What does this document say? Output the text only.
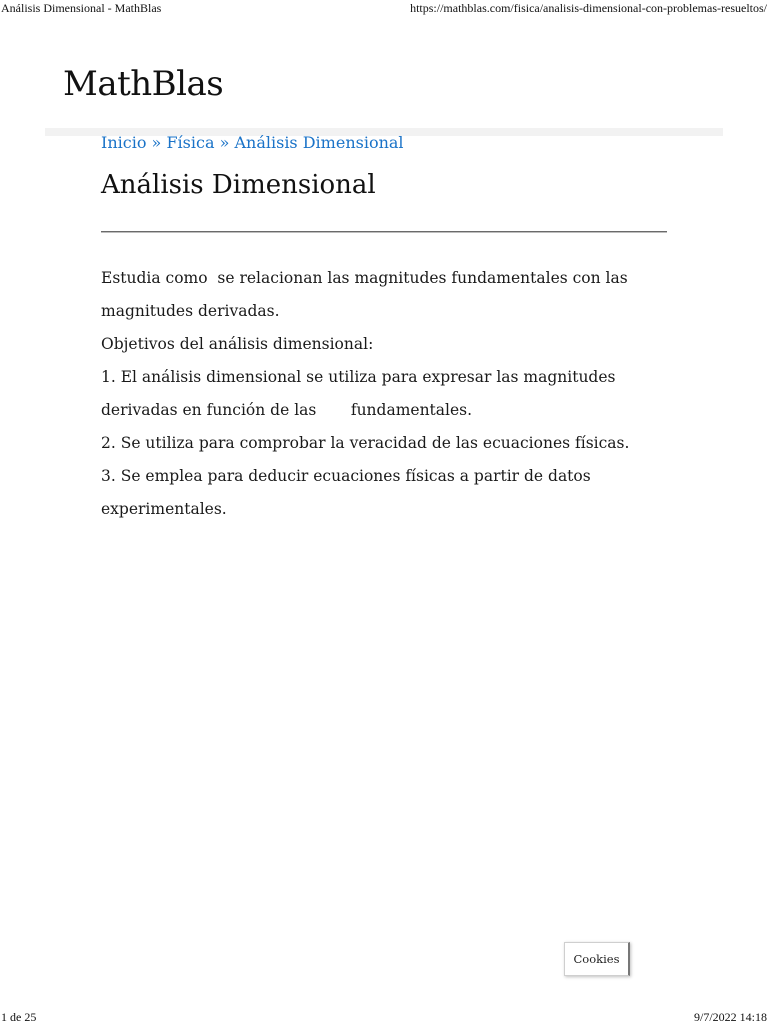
Análisis Dimensional - MathBlas	https://mathblas.com/fisica/analisis-dimensional-con-problemas-resueltos/
MathBlas
Inicio » Física » Análisis Dimensional
Análisis Dimensional

Estudia como  se relacionan las magnitudes fundamentales con las

magnitudes derivadas.

Objetivos del análisis dimensional:

1. El análisis dimensional se utiliza para expresar las magnitudes

derivadas en función de las       fundamentales.

2. Se utiliza para comprobar la veracidad de las ecuaciones físicas.

3. Se emplea para deducir ecuaciones físicas a partir de datos

experimentales.

Cookies
1 de 25	9/7/2022 14:18
